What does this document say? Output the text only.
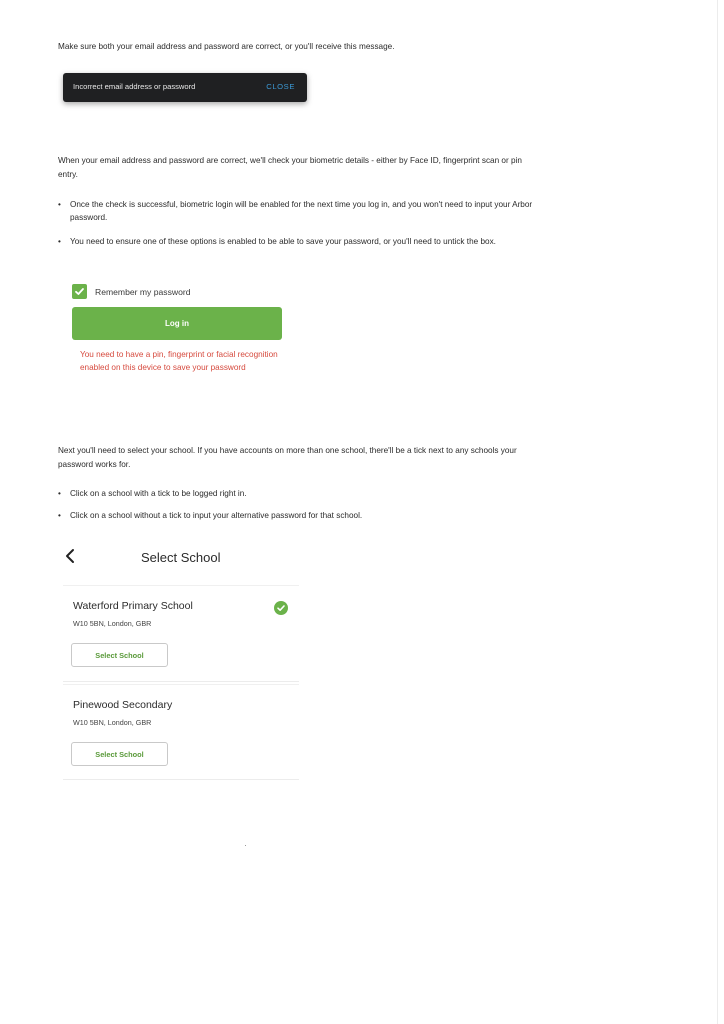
Make sure both your email address and password are correct, or you'll receive this message.

Incorrect email address or password	CLOSE

When your email address and password are correct, we'll check your biometric details - either by Face ID, fingerprint scan or pin entry.

• Once the check is successful, biometric login will be enabled for the next time you log in, and you won't need to input your Arbor password.
• You need to ensure one of these options is enabled to be able to save your password, or you'll need to untick the box.
Remember my password
Log in
You need to have a pin, fingerprint or facial recognition enabled on this device to save your password

Next you'll need to select your school. If you have accounts on more than one school, there'll be a tick next to any schools your password works for.

• Click on a school with a tick to be logged right in.
• Click on a school without a tick to input your alternative password for that school.
Select School
Waterford Primary School
W10 5BN, London, GBR
Select School
Pinewood Secondary
W10 5BN, London, GBR
Select School
